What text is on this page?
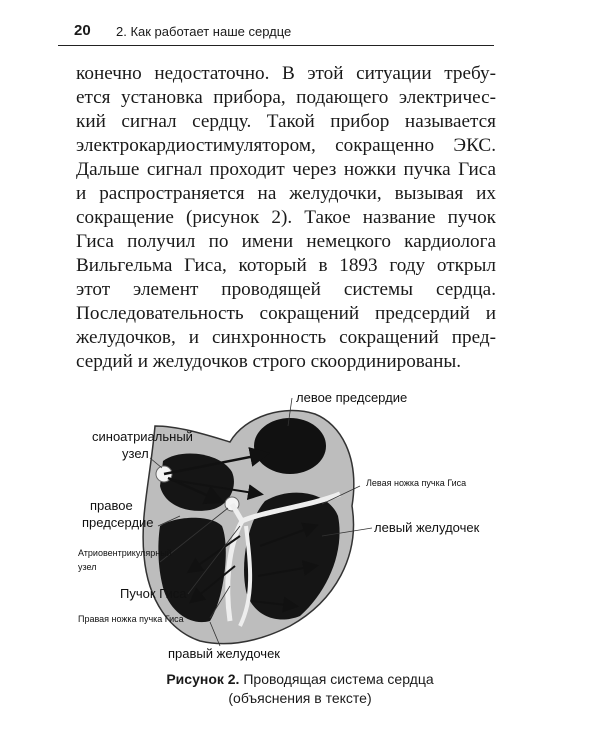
20 2. Как работает наше сердце
конечно недостаточно. В этой ситуации требу-
ется установка прибора, подающего электричес-
кий сигнал сердцу. Такой прибор называется
электрокардиостимулятором, сокращенно ЭКС.
Дальше сигнал проходит через ножки пучка Гиса
и распространяется на желудочки, вызывая их
сокращение (рисунок 2). Такое название пучок
Гиса получил по имени немецкого кардиолога
Вильгельма Гиса, который в 1893 году открыл
этот элемент проводящей системы сердца.
Последовательность сокращений предсердий и
желудочков, и синхронность сокращений пред-
сердий и желудочков строго скоординированы.
левое предсердие
синоатриальный
узел
Левая ножка пучка Гиса
правое
предсердие	левый желудочек
Атриовентрикулярный
узел
Пучок Гиса
Правая ножка пучка Гиса
правый желудочек
Рисунок 2. Проводящая система сердца
(объяснения в тексте)
